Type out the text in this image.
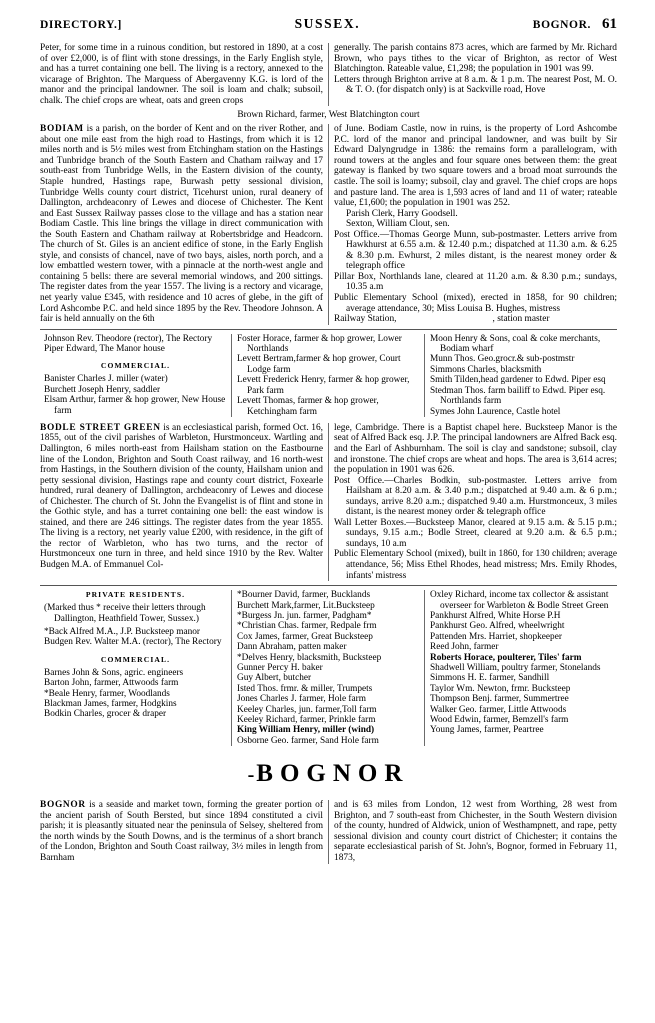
DIRECTORY.]	SUSSEX.	BOGNOR. 61

Peter, for some time in a ruinous condition, but restored in 1890, at a cost of over £2,000, is of flint with stone dressings, in the Early English style, and has a turret containing one bell. The living is a rectory, annexed to the vicarage of Brighton. The Marquess of Abergavenny K.G. is lord of the manor and the principal landowner. The soil is loam and chalk; subsoil, chalk. The chief crops are wheat, oats and green crops

generally. The parish contains 873 acres, which are farmed by Mr. Richard Brown, who pays tithes to the vicar of Brighton, as rector of West Blatchington. Rateable value, £1,298; the population in 1901 was 99.

Letters through Brighton arrive at 8 a.m. & 1 p.m. The nearest Post, M. O. & T. O. (for dispatch only) is at Sackville road, Hove

Brown Richard, farmer, West Blatchington court

BODIAM is a parish, on the border of Kent and on the river Rother, and about one mile east from the high road to Hastings, from which it is 12 miles north and is 5½ miles west from Etchingham station on the Hastings and Tunbridge branch of the South Eastern and Chatham railway and 17 south-east from Tunbridge Wells, in the Eastern division of the county, Staple hundred, Hastings rape, Burwash petty sessional division, Tunbridge Wells county court district, Ticehurst union, rural deanery of Dallington, archdeaconry of Lewes and diocese of Chichester. The Kent and East Sussex Railway passes close to the village and has a station near Bodiam Castle. This line brings the village in direct communication with the South Eastern and Chatham railway at Robertsbridge and Headcorn. The church of St. Giles is an ancient edifice of stone, in the Early English style, and consists of chancel, nave of two bays, aisles, north porch, and a low embattled western tower, with a pinnacle at the north-west angle and containing 5 bells: there are several memorial windows, and 200 sittings. The register dates from the year 1557. The living is a rectory and vicarage, net yearly value £345, with residence and 10 acres of glebe, in the gift of Lord Ashcombe P.C. and held since 1895 by the Rev. Theodore Johnson. A fair is held annually on the 6th

of June. Bodiam Castle, now in ruins, is the property of Lord Ashcombe P.C. lord of the manor and principal landowner, and was built by Sir Edward Dalyngrudge in 1386: the remains form a parallelogram, with round towers at the angles and four square ones between them: the great gateway is flanked by two square towers and a broad moat surrounds the castle. The soil is loamy; subsoil, clay and gravel. The chief crops are hops and pasture land. The area is 1,593 acres of land and 11 of water; rateable value, £1,600; the population in 1901 was 252.

Parish Clerk, Harry Goodsell.

Sexton, William Clout, sen.

Post Office.—Thomas George Munn, sub-postmaster. Letters arrive from Hawkhurst at 6.55 a.m. & 12.40 p.m.; dispatched at 11.30 a.m. & 6.25 & 8.30 p.m. Ewhurst, 2 miles distant, is the nearest money order & telegraph office

Pillar Box, Northlands lane, cleared at 11.20 a.m. & 8.30 p.m.; sundays, 10.35 a.m

Public Elementary School (mixed), erected in 1858, for 90 children; average attendance, 30; Miss Louisa B. Hughes, mistress

Railway Station,	, station master

Johnson Rev. Theodore (rector), The Rectory

Piper Edward, The Manor house

COMMERCIAL.

Banister Charles J. miller (water)

Burchett Joseph Henry, saddler

Elsam Arthur, farmer & hop grower, New House farm

Foster Horace, farmer & hop grower, Lower Northlands

Levett Bertram,farmer & hop grower, Court Lodge farm

Levett Frederick Henry, farmer & hop grower, Park farm

Levett Thomas, farmer & hop grower, Ketchingham farm

Moon Henry & Sons, coal & coke merchants, Bodiam wharf

Munn Thos. Geo.grocr.& sub-postmstr

Simmons Charles, blacksmith

Smith Tilden,head gardener to Edwd. Piper esq

Stedman Thos. farm bailiff to Edwd. Piper esq. Northlands farm

Symes John Laurence, Castle hotel

BODLE STREET GREEN is an ecclesiastical parish, formed Oct. 16, 1855, out of the civil parishes of Warbleton, Hurstmonceux. Wartling and Dallington, 6 miles north-east from Hailsham station on the Eastbourne line of the London, Brighton and South Coast railway, and 16 north-west from Hastings, in the Southern division of the county, Hailsham union and petty sessional division, Hastings rape and county court district, Foxearle hundred, rural deanery of Dallington, archdeaconry of Lewes and diocese of Chichester. The church of St. John the Evangelist is of flint and stone in the Gothic style, and has a turret containing one bell: the east window is stained, and there are 246 sittings. The register dates from the year 1855. The living is a rectory, net yearly value £200, with residence, in the gift of the rector of Warbleton, who has two turns, and the rector of Hurstmonceux one turn in three, and held since 1910 by the Rev. Walter Budgen M.A. of Emmanuel Col-

lege, Cambridge. There is a Baptist chapel here. Bucksteep Manor is the seat of Alfred Back esq. J.P. The principal landowners are Alfred Back esq. and the Earl of Ashburnham. The soil is clay and sandstone; subsoil, clay and ironstone. The chief crops are wheat and hops. The area is 3,614 acres; the population in 1901 was 626.

Post Office.—Charles Bodkin, sub-postmaster. Letters arrive from Hailsham at 8.20 a.m. & 3.40 p.m.; dispatched at 9.40 a.m. & 6 p.m.; sundays, arrive 8.20 a.m.; dispatched 9.40 a.m. Hurstmonceux, 3 miles distant, is the nearest money order & telegraph office

Wall Letter Boxes.—Bucksteep Manor, cleared at 9.15 a.m. & 5.15 p.m.; sundays, 9.15 a.m.; Bodle Street, cleared at 9.20 a.m. & 6.5 p.m.; sundays, 10 a.m

Public Elementary School (mixed), built in 1860, for 130 children; average attendance, 56; Miss Ethel Rhodes, head mistress; Mrs. Emily Rhodes, infants' mistress

PRIVATE RESIDENTS.

(Marked thus * receive their letters through Dallington, Heathfield Tower, Sussex.)

*Back Alfred M.A., J.P. Bucksteep manor

Budgen Rev. Walter M.A. (rector), The Rectory

COMMERCIAL.

Barnes John & Sons, agric. engineers

Barton John, farmer, Attwoods farm

*Beale Henry, farmer, Woodlands

Blackman James, farmer, Hodgkins

Bodkin Charles, grocer & draper

*Bourner David, farmer, Bucklands

Burchett Mark,farmer, Lit.Bucksteep

*Burgess Jn. jun. farmer, Padgham*

*Christian Chas. farmer, Redpale frm

Cox James, farmer, Great Bucksteep

Dann Abraham, patten maker

*Delves Henry, blacksmith, Bucksteep

Gunner Percy H. baker

Guy Albert, butcher

Isted Thos. frmr. & miller, Trumpets

Jones Charles J. farmer, Hole farm

Keeley Charles, jun. farmer,Toll farm

Keeley Richard, farmer, Prinkle farm

King William Henry, miller (wind)

Osborne Geo. farmer, Sand Hole farm

Oxley Richard, income tax collector & assistant overseer for Warbleton & Bodle Street Green

Pankhurst Alfred, White Horse P.H

Pankhurst Geo. Alfred, wheelwright

Pattenden Mrs. Harriet, shopkeeper

Reed John, farmer

Roberts Horace, poulterer, Tiles' farm

Shadwell William, poultry farmer, Stonelands

Simmons H. E. farmer, Sandhill

Taylor Wm. Newton, frmr. Bucksteep

Thompson Benj. farmer, Summertree

Walker Geo. farmer, Little Attwoods

Wood Edwin, farmer, Bemzell's farm

Young James, farmer, Peartree

-BOGNOR

BOGNOR is a seaside and market town, forming the greater portion of the ancient parish of South Bersted, but since 1894 constituted a civil parish; it is pleasantly situated near the peninsula of Selsey, sheltered from the north winds by the South Downs, and is the terminus of a short branch of the London, Brighton and South Coast railway, 3½ miles in length from Barnham

and is 63 miles from London, 12 west from Worthing, 28 west from Brighton, and 7 south-east from Chichester, in the South Western division of the county, hundred of Aldwick, union of Westhampnett, and rape, petty sessional division and county court district of Chichester; it contains the separate ecclesiastical parish of St. John's, Bognor, formed in February 11, 1873,
